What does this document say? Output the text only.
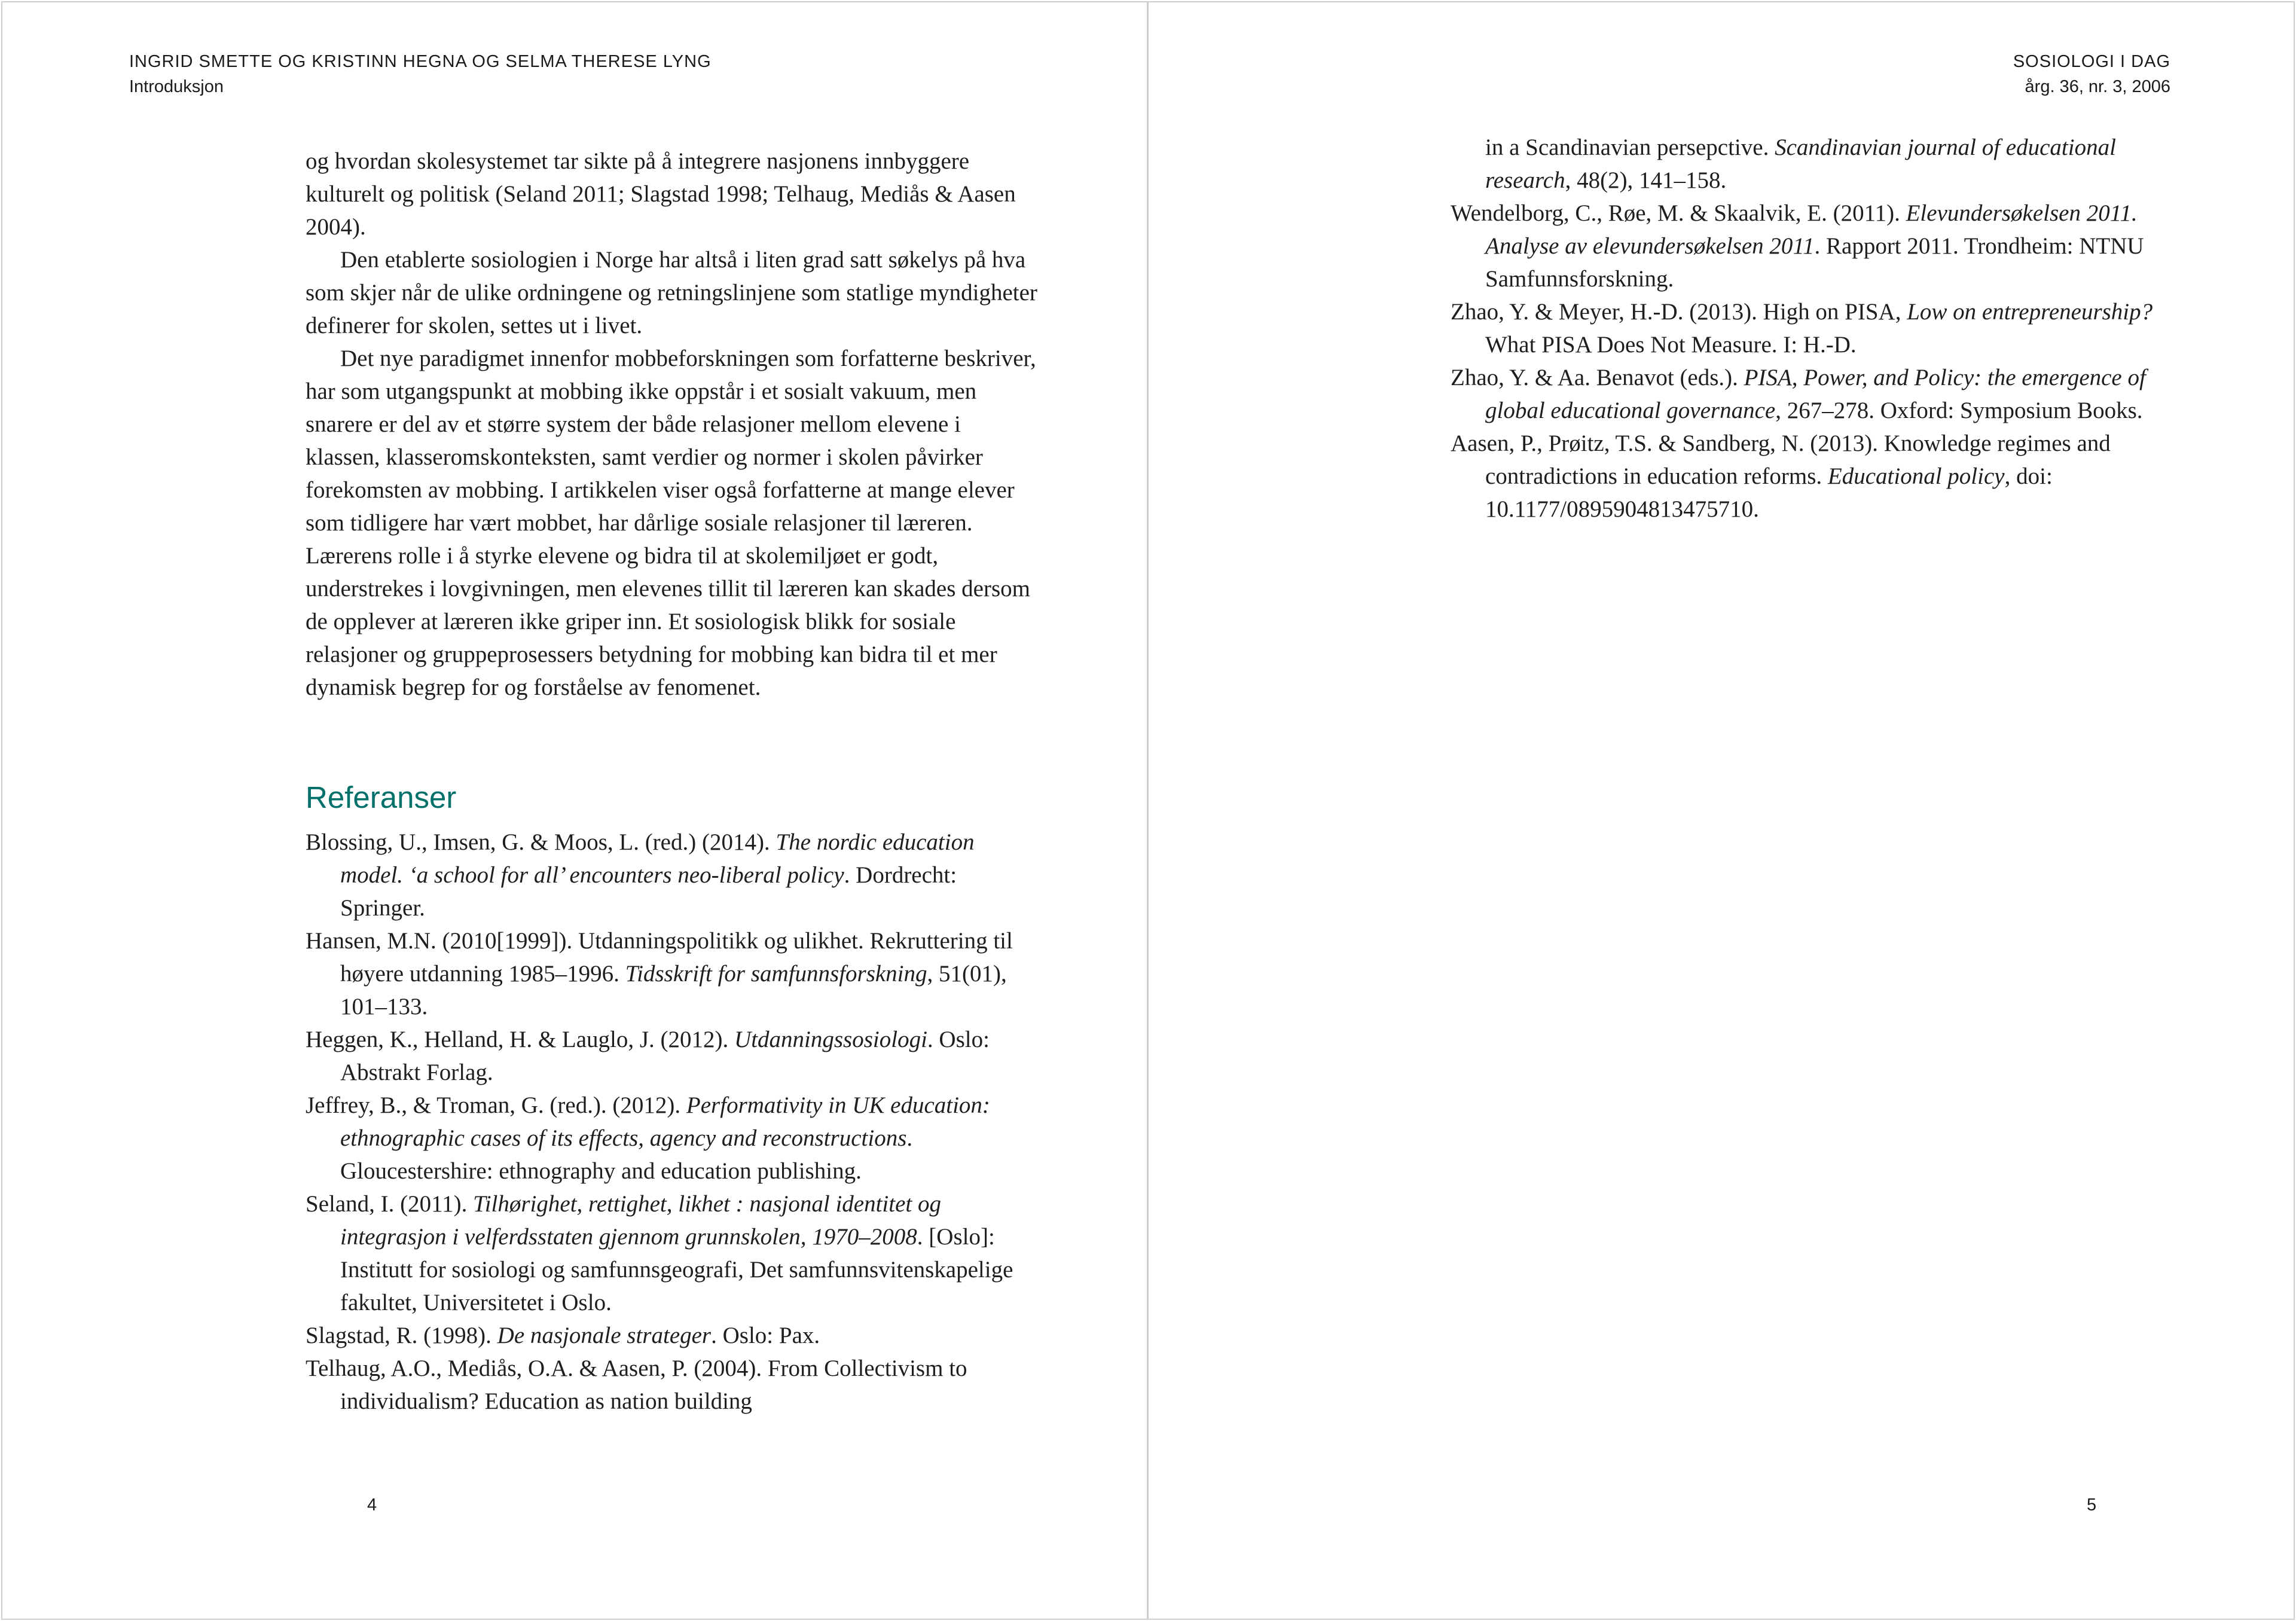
INGRID SMETTE OG KRISTINN HEGNA OG SELMA THERESE LYNG
Introduksjon

og hvordan skolesystemet tar sikte på å integrere nasjonens innbyggere kulturelt og politisk (Seland 2011; Slagstad 1998; Telhaug, Mediås & Aasen 2004).

Den etablerte sosiologien i Norge har altså i liten grad satt søkelys på hva som skjer når de ulike ordningene og retningslinjene som statlige myndigheter definerer for skolen, settes ut i livet.

Det nye paradigmet innenfor mobbeforskningen som forfatterne beskriver, har som utgangspunkt at mobbing ikke oppstår i et sosialt vakuum, men snarere er del av et større system der både relasjoner mellom elevene i klassen, klasseromskonteksten, samt verdier og normer i skolen påvirker forekomsten av mobbing. I artikkelen viser også forfatterne at mange elever som tidligere har vært mobbet, har dårlige sosiale relasjoner til læreren. Lærerens rolle i å styrke elevene og bidra til at skolemiljøet er godt, understrekes i lovgivningen, men elevenes tillit til læreren kan skades dersom de opplever at læreren ikke griper inn. Et sosiologisk blikk for sosiale relasjoner og gruppeprosessers betydning for mobbing kan bidra til et mer dynamisk begrep for og forståelse av fenomenet.

Referanser

Blossing, U., Imsen, G. & Moos, L. (red.) (2014). The nordic education model. ‘a school for all’ encounters neo-liberal policy. Dordrecht: Springer.

Hansen, M.N. (2010[1999]). Utdanningspolitikk og ulikhet. Rekruttering til høyere utdanning 1985–1996. Tidsskrift for samfunnsforskning, 51(01), 101–133.

Heggen, K., Helland, H. & Lauglo, J. (2012). Utdanningssosiologi. Oslo: Abstrakt Forlag.

Jeffrey, B., & Troman, G. (red.). (2012). Performativity in UK education: ethnographic cases of its effects, agency and reconstructions. Gloucestershire: ethnography and education publishing.

Seland, I. (2011). Tilhørighet, rettighet, likhet : nasjonal identitet og integrasjon i velferdsstaten gjennom grunnskolen, 1970–2008. [Oslo]: Institutt for sosiologi og samfunnsgeografi, Det samfunnsvitenskapelige fakultet, Universitetet i Oslo.

Slagstad, R. (1998). De nasjonale strateger. Oslo: Pax.

Telhaug, A.O., Mediås, O.A. & Aasen, P. (2004). From Collectivism to individualism? Education as nation building

4
SOSIOLOGI I DAG
årg. 36, nr. 3, 2006

in a Scandinavian persepctive. Scandinavian journal of educational research, 48(2), 141–158.

Wendelborg, C., Røe, M. & Skaalvik, E. (2011). Elevundersøkelsen 2011. Analyse av elevundersøkelsen 2011. Rapport 2011. Trondheim: NTNU Samfunnsforskning.

Zhao, Y. & Meyer, H.-D. (2013). High on PISA, Low on entrepreneurship? What PISA Does Not Measure. I: H.-D.

Zhao, Y. & Aa. Benavot (eds.). PISA, Power, and Policy: the emergence of global educational governance, 267–278. Oxford: Symposium Books.

Aasen, P., Prøitz, T.S. & Sandberg, N. (2013). Knowledge regimes and contradictions in education reforms. Educational policy, doi: 10.1177/0895904813475710.

5
